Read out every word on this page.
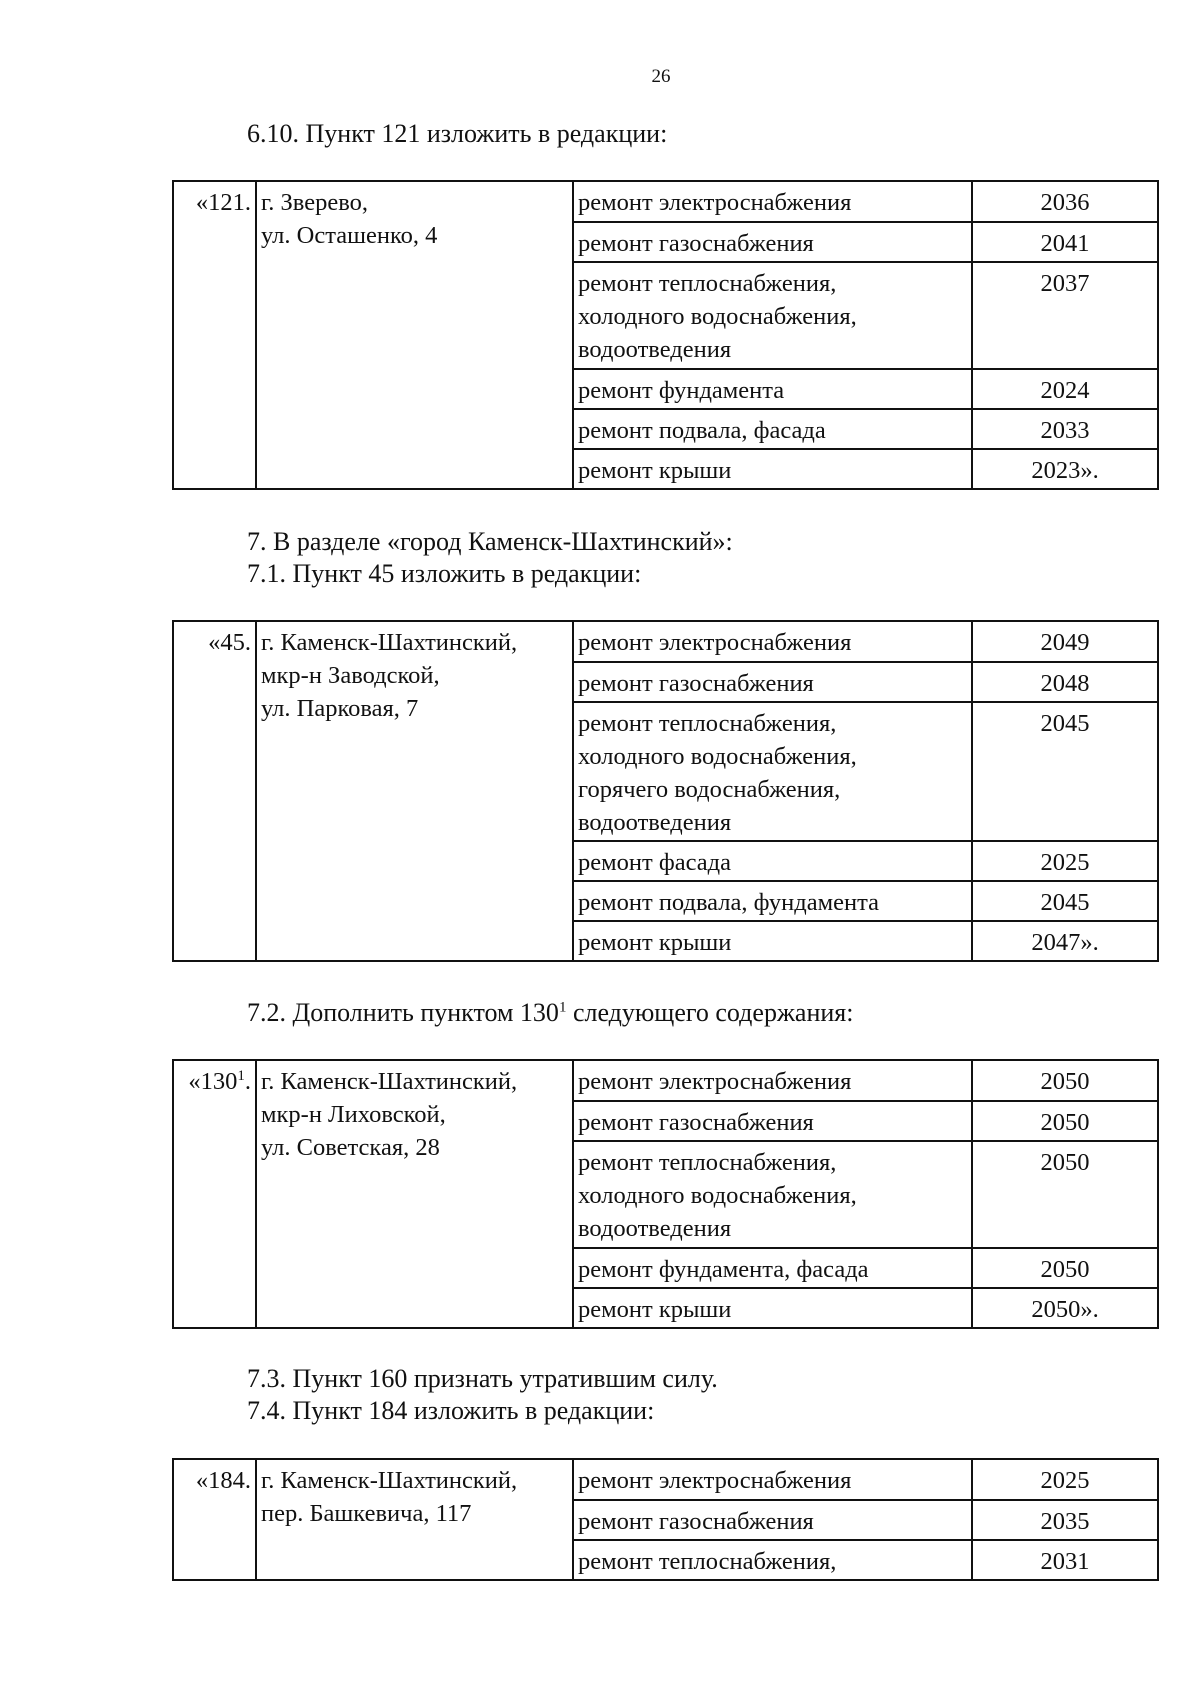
26
6.10. Пункт 121 изложить в редакции:
«121.	г. Зверево,
ул. Осташенко, 4	ремонт электроснабжения	2036

		ремонт газоснабжения	2041

		ремонт теплоснабжения,
холодного водоснабжения,
водоотведения	2037

		ремонт фундамента	2024

		ремонт подвала, фасада	2033

		ремонт крыши	2023».
7. В разделе «город Каменск-Шахтинский»:
7.1. Пункт 45 изложить в редакции:
«45.	г. Каменск-Шахтинский,
мкр-н Заводской,
ул. Парковая, 7	ремонт электроснабжения	2049

		ремонт газоснабжения	2048

		ремонт теплоснабжения,
холодного водоснабжения,
горячего водоснабжения,
водоотведения	2045

		ремонт фасада	2025

		ремонт подвала, фундамента	2045

		ремонт крыши	2047».
7.2. Дополнить пунктом $130^1$ следующего содержания:
«$130^1$.	г. Каменск-Шахтинский,
мкр-н Лиховской,
ул. Советская, 28	ремонт электроснабжения	2050

		ремонт газоснабжения	2050

		ремонт теплоснабжения,
холодного водоснабжения,
водоотведения	2050

		ремонт фундамента, фасада	2050

		ремонт крыши	2050».
7.3. Пункт 160 признать утратившим силу.
7.4. Пункт 184 изложить в редакции:
«184.	г. Каменск-Шахтинский,
пер. Башкевича, 117	ремонт электроснабжения	2025

		ремонт газоснабжения	2035

		ремонт теплоснабжения,	2031
